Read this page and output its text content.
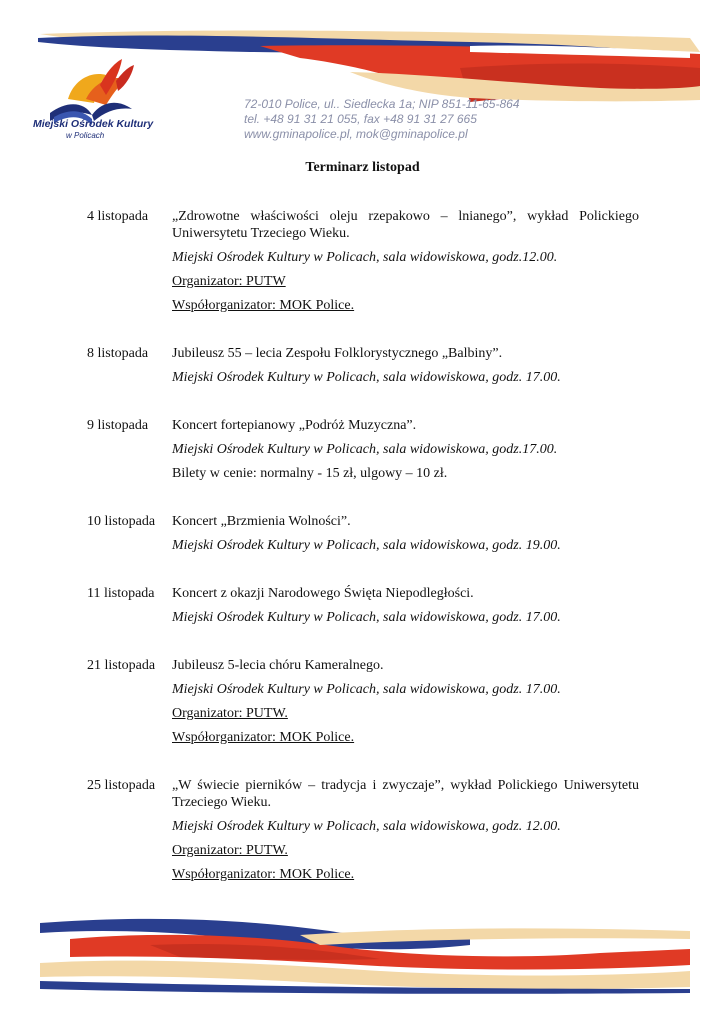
Miejski Ośrodek Kultury
w Policach
72-010 Police, ul.. Siedlecka 1a; NIP 851-11-65-864
tel. +48 91 31 21 055, fax +48 91 31 27 665
www.gminapolice.pl, mok@gminapolice.pl
Terminarz listopad
4 listopada	„Zdrowotne właściwości oleju rzepakowo – lnianego”, wykład Polickiego Uniwersytetu Trzeciego Wieku.

Miejski Ośrodek Kultury w Policach, sala widowiskowa, godz.12.00.

Organizator: PUTW

Współorganizator: MOK Police.

8 listopada	Jubileusz 55 – lecia Zespołu Folklorystycznego „Balbiny”.

Miejski Ośrodek Kultury w Policach, sala widowiskowa, godz. 17.00.

9 listopada	Koncert fortepianowy „Podróż Muzyczna”.

Miejski Ośrodek Kultury w Policach, sala widowiskowa, godz.17.00.

Bilety w cenie: normalny - 15 zł, ulgowy – 10 zł.

10 listopada	Koncert „Brzmienia Wolności”.

Miejski Ośrodek Kultury w Policach, sala widowiskowa, godz. 19.00.

11 listopada	Koncert z okazji Narodowego Święta Niepodległości.

Miejski Ośrodek Kultury w Policach, sala widowiskowa, godz. 17.00.

21 listopada	Jubileusz 5-lecia chóru Kameralnego.

Miejski Ośrodek Kultury w Policach, sala widowiskowa, godz. 17.00.

Organizator: PUTW.

Współorganizator: MOK Police.

25 listopada	„W świecie pierników – tradycja i zwyczaje”, wykład Polickiego Uniwersytetu Trzeciego Wieku.

Miejski Ośrodek Kultury w Policach, sala widowiskowa, godz. 12.00.

Organizator: PUTW.

Współorganizator: MOK Police.
